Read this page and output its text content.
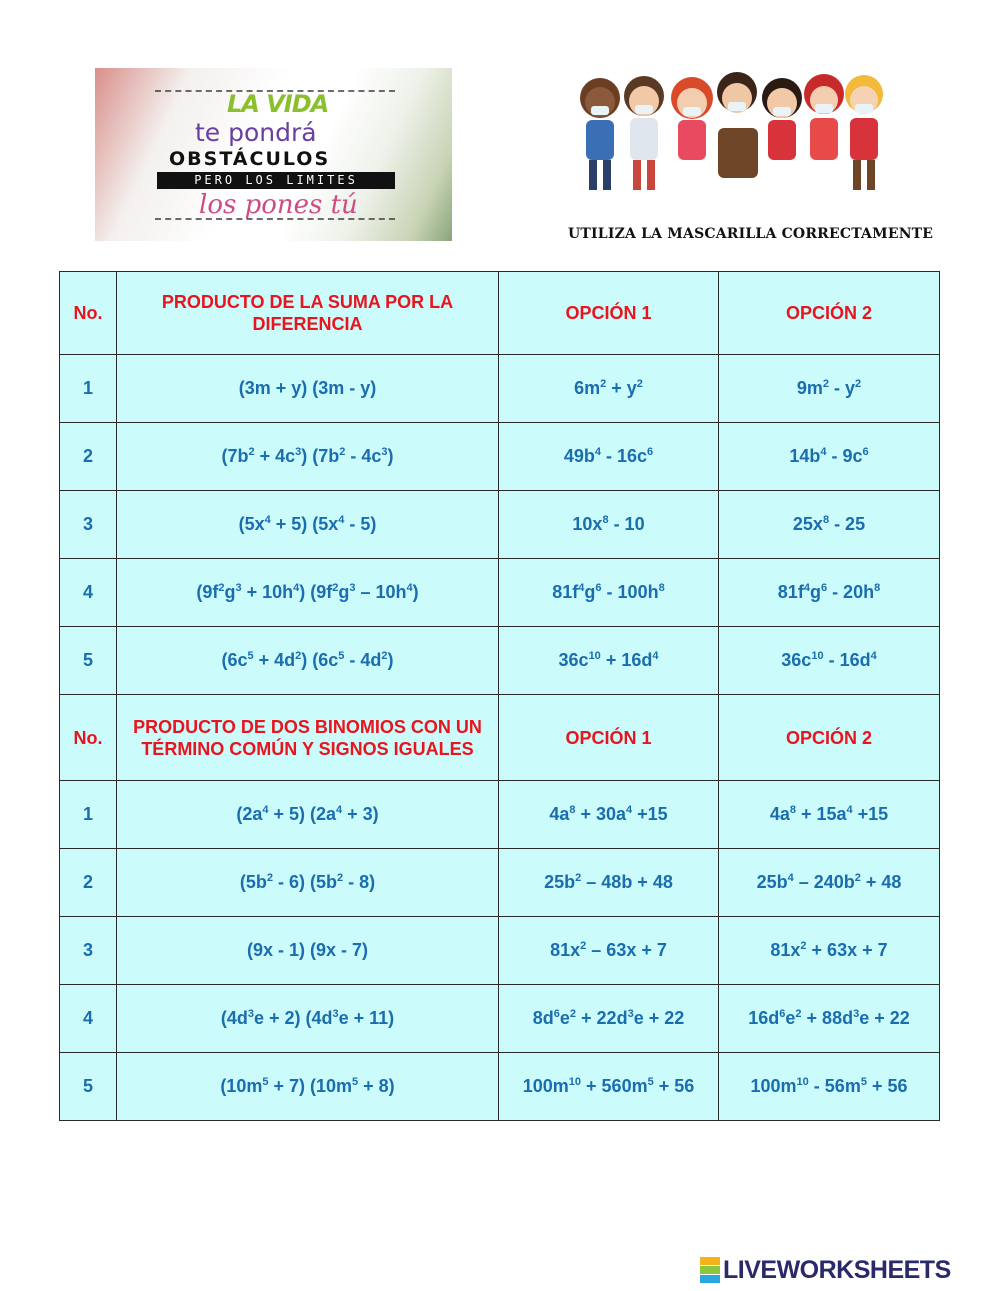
LA VIDA
te pondrá
OBSTÁCULOS
PERO LOS LIMITES
los pones tú
UTILIZA LA MASCARILLA CORRECTAMENTE
No.	PRODUCTO DE LA SUMA POR LA DIFERENCIA	OPCIÓN 1	OPCIÓN 2
1	(3m + y) (3m - y)	$6m^2 + y^2$	$9m^2 - y^2$
2	$(7b^2 + 4c^3)$ $(7b^2 - 4c^3)$	$49b^4 - 16c^6$	$14b^4 - 9c^6$
3	$(5x^4 + 5)$ $(5x^4 - 5)$	$10x^8 - 10$	$25x^8 - 25$
4	$(9f^2g^3 + 10h^4)$ $(9f^2g^3 - 10h^4)$	$81f^4g^6 - 100h^8$	$81f^4g^6 - 20h^8$
5	$(6c^5 + 4d^2)$ $(6c^5 - 4d^2)$	$36c^{10} + 16d^4$	$36c^{10} - 16d^4$
No.	PRODUCTO DE DOS BINOMIOS CON UN TÉRMINO COMÚN Y SIGNOS IGUALES	OPCIÓN 1	OPCIÓN 2
1	$(2a^4 + 5) (2a^4 + 3)$	$4a^8 + 30a^4 +15$	$4a^8 + 15a^4 +15$
2	$(5b^2 - 6)$ $(5b^2 - 8)$	$25b^2 - 48b + 48$	$25b^4 - 240b^2 + 48$
3	(9x - 1) (9x - 7)	$81x^2 - 63x + 7$	$81x^2 + 63x + 7$
4	$(4d^3e + 2) (4d^3e + 11)$	$8d^6e^2 + 22d^3e + 22$	$16d^6e^2 + 88d^3e + 22$
5	$(10m^5 + 7) (10m^5 + 8)$	$100m^{10} + 560m^5 + 56$	$100m^{10} - 56m^5 + 56$
LIVEWORKSHEETS
